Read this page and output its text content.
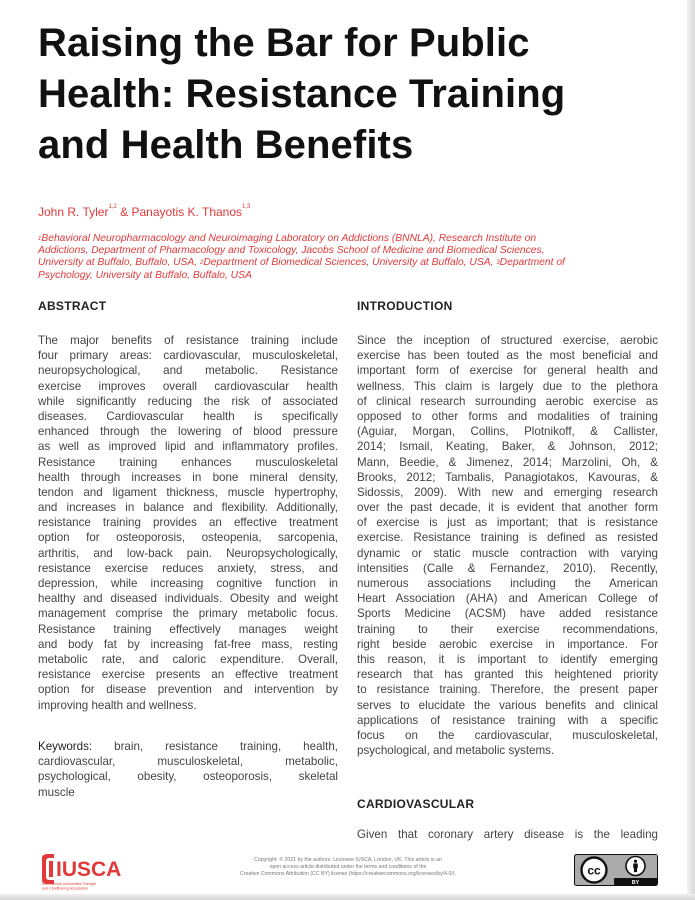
Raising the Bar for Public
Health: Resistance Training
and Health Benefits
John R. Tyler$^{1,2}$ & Panayotis K. Thanos$^{1,3}$

$^1$Behavioral Neuropharmacology and Neuroimaging Laboratory on Addictions (BNNLA), Research Institute on
Addictions, Department of Pharmacology and Toxicology, Jacobs School of Medicine and Biomedical Sciences,
University at Buffalo, Buffalo, USA, $^2$Department of Biomedical Sciences, University at Buffalo, USA, $^3$Department of
Psychology, University at Buffalo, Buffalo, USA

ABSTRACT	INTRODUCTION
The major benefits of resistance training include
four primary areas: cardiovascular, musculoskeletal,
neuropsychological, and metabolic. Resistance
exercise improves overall cardiovascular health
while significantly reducing the risk of associated
diseases. Cardiovascular health is specifically
enhanced through the lowering of blood pressure
as well as improved lipid and inflammatory profiles.
Resistance training enhances musculoskeletal
health through increases in bone mineral density,
tendon and ligament thickness, muscle hypertrophy,
and increases in balance and flexibility. Additionally,
resistance training provides an effective treatment
option for osteoporosis, osteopenia, sarcopenia,
arthritis, and low-back pain. Neuropsychologically,
resistance exercise reduces anxiety, stress, and
depression, while increasing cognitive function in
healthy and diseased individuals. Obesity and weight
management comprise the primary metabolic focus.
Resistance training effectively manages weight
and body fat by increasing fat-free mass, resting
metabolic rate, and caloric expenditure. Overall,
resistance exercise presents an effective treatment
option for disease prevention and intervention by
improving health and wellness.
Keywords: brain, resistance training, health,
cardiovascular, musculoskeletal, metabolic,
psychological, obesity, osteoporosis, skeletal
muscle
Since the inception of structured exercise, aerobic
exercise has been touted as the most beneficial and
important form of exercise for general health and
wellness. This claim is largely due to the plethora
of clinical research surrounding aerobic exercise as
opposed to other forms and modalities of training
(Aguiar, Morgan, Collins, Plotnikoff, & Callister,
2014; Ismail, Keating, Baker, & Johnson, 2012;
Mann, Beedie, & Jimenez, 2014; Marzolini, Oh, &
Brooks, 2012; Tambalis, Panagiotakos, Kavouras, &
Sidossis, 2009). With new and emerging research
over the past decade, it is evident that another form
of exercise is just as important; that is resistance
exercise. Resistance training is defined as resisted
dynamic or static muscle contraction with varying
intensities (Calle & Fernandez, 2010). Recently,
numerous associations including the American
Heart Association (AHA) and American College of
Sports Medicine (ACSM) have added resistance
training to their exercise recommendations,
right beside aerobic exercise in importance. For
this reason, it is important to identify emerging
research that has granted this heightened priority
to resistance training. Therefore, the present paper
serves to elucidate the various benefits and clinical
applications of resistance training with a specific
focus on the cardiovascular, musculoskeletal,
psychological, and metabolic systems.
CARDIOVASCULAR
Given that coronary artery disease is the leading
IUSCA
International Universities Strength
and Conditioning Association
Copyright: © 2021 by the authors. Licensee IUSCA, London, UK. This article is an
open access article distributed under the terms and conditions of the
Creative Commons Attribution (CC BY) license (https://creativecommons.org/licenses/by/4.0/).	cc
BY
